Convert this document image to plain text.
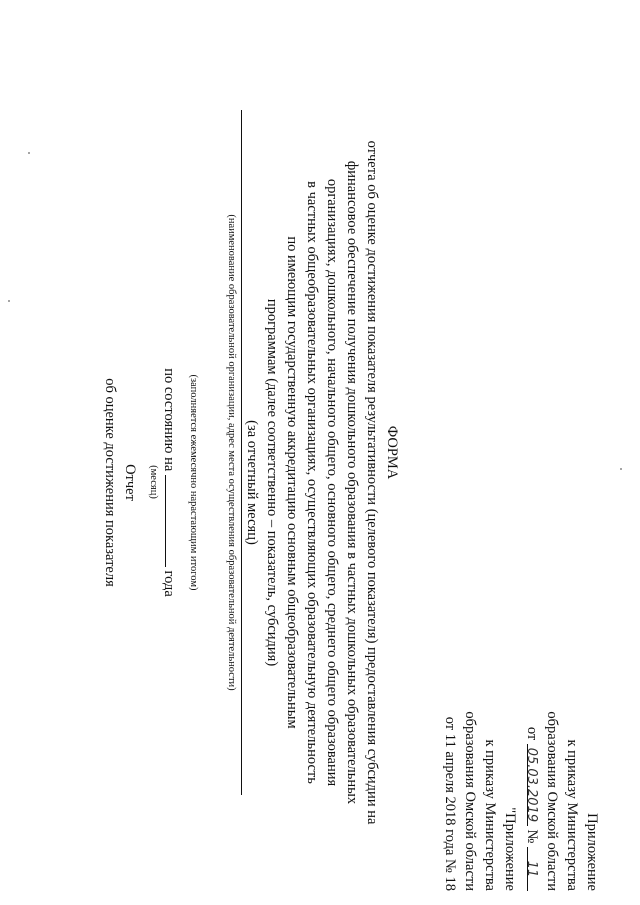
Приложение
к приказу Министерства
образования Омской области
от 05.03.2019 № 11
"Приложение
к приказу Министерства
образования Омской области
от 11 апреля 2018 года № 18
ФОРМА
отчета об оценке достижения показателя результативности (целевого показателя) предоставления субсидии на
финансовое обеспечение получения дошкольного образования в частных дошкольных образовательных
организациях, дошкольного, начального общего, основного общего, среднего общего образования
в частных общеобразовательных организациях, осуществляющих образовательную деятельность
по имеющим государственную аккредитацию основным общеобразовательным
программам (далее соответственно – показатель, субсидия)
(за отчетный месяц)
(наименование образовательной организации, адрес места осуществления образовательной деятельности)
(заполняется ежемесячно нарастающим итогом)
по состоянию на  года
(месяц)
Отчет
об оценке достижения показателя
